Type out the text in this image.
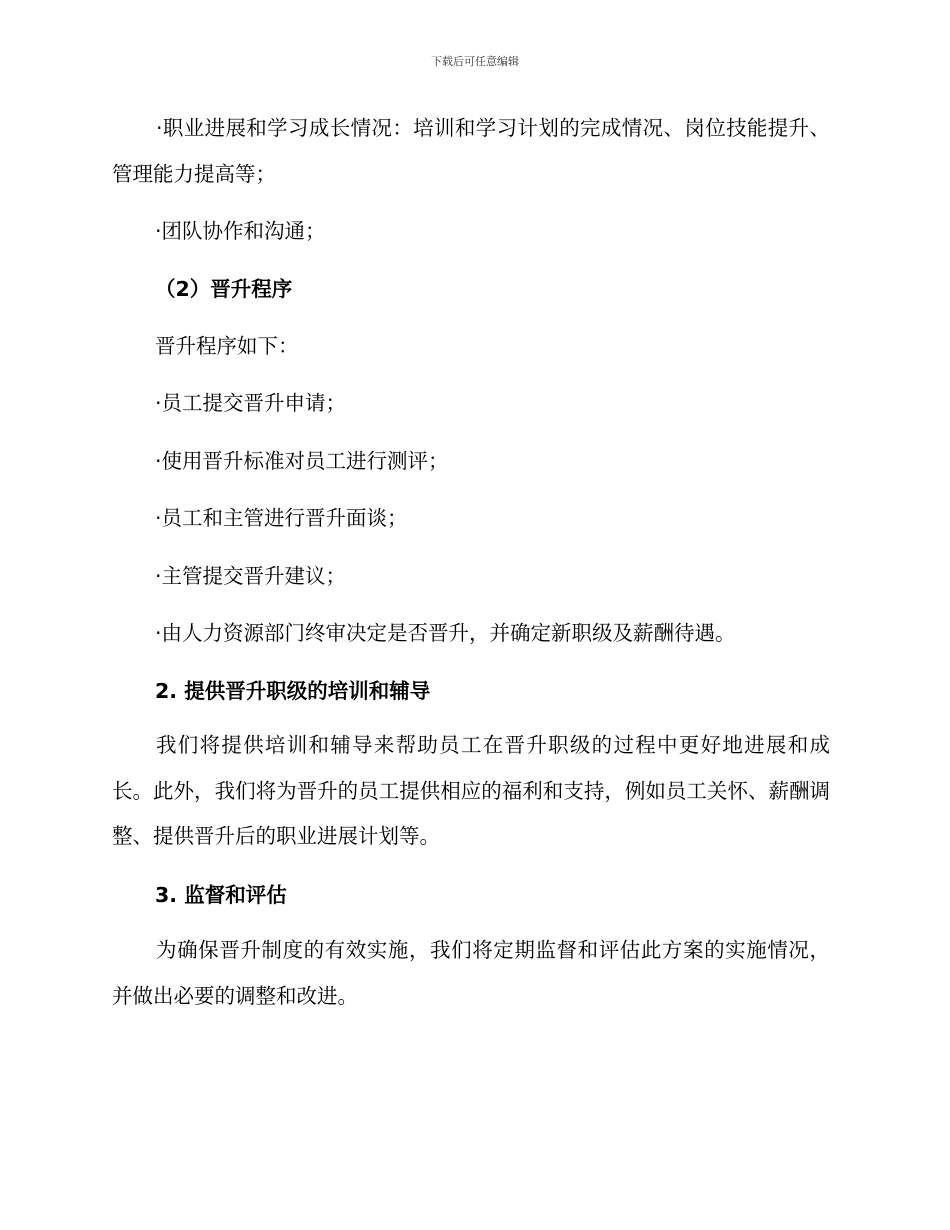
下载后可任意编辑
·职业进展和学习成长情况：培训和学习计划的完成情况、岗位技能提升、管理能力提高等；
·团队协作和沟通；
（2）晋升程序
晋升程序如下：
·员工提交晋升申请；
·使用晋升标准对员工进行测评；
·员工和主管进行晋升面谈；
·主管提交晋升建议；
·由人力资源部门终审决定是否晋升，并确定新职级及薪酬待遇。
2. 提供晋升职级的培训和辅导
我们将提供培训和辅导来帮助员工在晋升职级的过程中更好地进展和成长。此外，我们将为晋升的员工提供相应的福利和支持，例如员工关怀、薪酬调整、提供晋升后的职业进展计划等。
3. 监督和评估
为确保晋升制度的有效实施，我们将定期监督和评估此方案的实施情况，并做出必要的调整和改进。
